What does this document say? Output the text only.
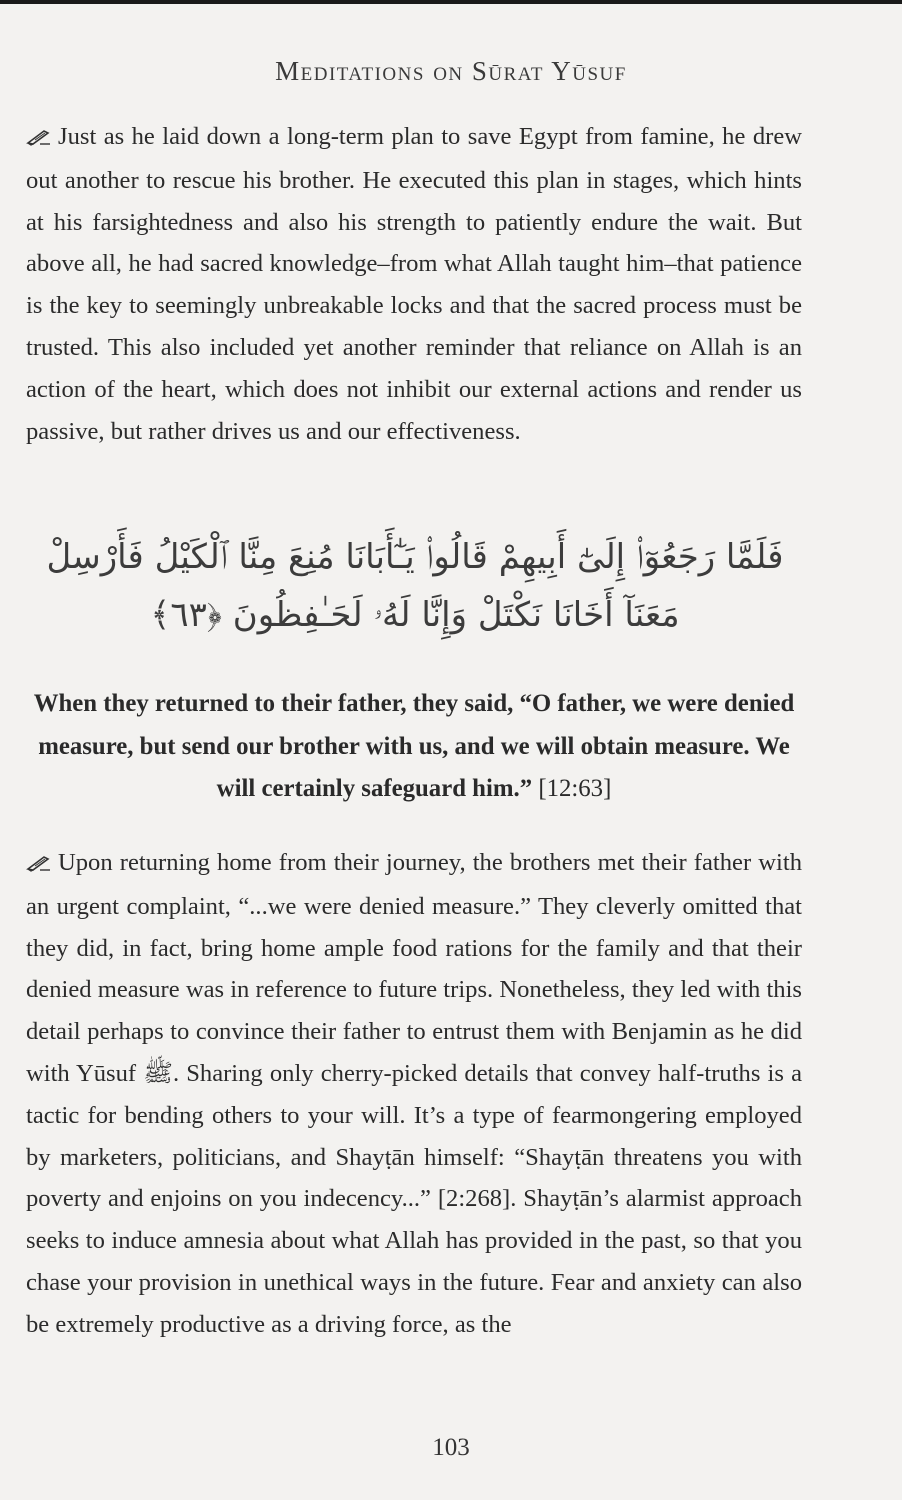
Meditations on Sūrat Yūsuf

Just as he laid down a long-term plan to save Egypt from famine, he drew out another to rescue his brother. He executed this plan in stages, which hints at his farsightedness and also his strength to patiently endure the wait. But above all, he had sacred knowledge–from what Allah taught him–that patience is the key to seemingly unbreakable locks and that the sacred process must be trusted. This also included yet another reminder that reliance on Allah is an action of the heart, which does not inhibit our external actions and render us passive, but rather drives us and our effectiveness.

فَلَمَّا رَجَعُوٓا۟ إِلَىٰٓ أَبِيهِمْ قَالُوا۟ يَـٰٓأَبَانَا مُنِعَ مِنَّا ٱلْكَيْلُ فَأَرْسِلْ مَعَنَآ أَخَانَا نَكْتَلْ وَإِنَّا لَهُۥ لَحَـٰفِظُونَ ﴿٦٣﴾

When they returned to their father, they said, “O father, we were denied measure, but send our brother with us, and we will obtain measure. We will certainly safeguard him.” [12:63]

Upon returning home from their journey, the brothers met their father with an urgent complaint, “...we were denied measure.” They cleverly omitted that they did, in fact, bring home ample food rations for the family and that their denied measure was in reference to future trips. Nonetheless, they led with this detail perhaps to convince their father to entrust them with Benjamin as he did with Yūsuf ﷺ. Sharing only cherry-picked details that convey half-truths is a tactic for bending others to your will. It’s a type of fearmongering employed by marketers, politicians, and Shayṭān himself: “Shayṭān threatens you with poverty and enjoins on you indecency...” [2:268]. Shayṭān’s alarmist approach seeks to induce amnesia about what Allah has provided in the past, so that you chase your provision in unethical ways in the future. Fear and anxiety can also be extremely productive as a driving force, as the

103
